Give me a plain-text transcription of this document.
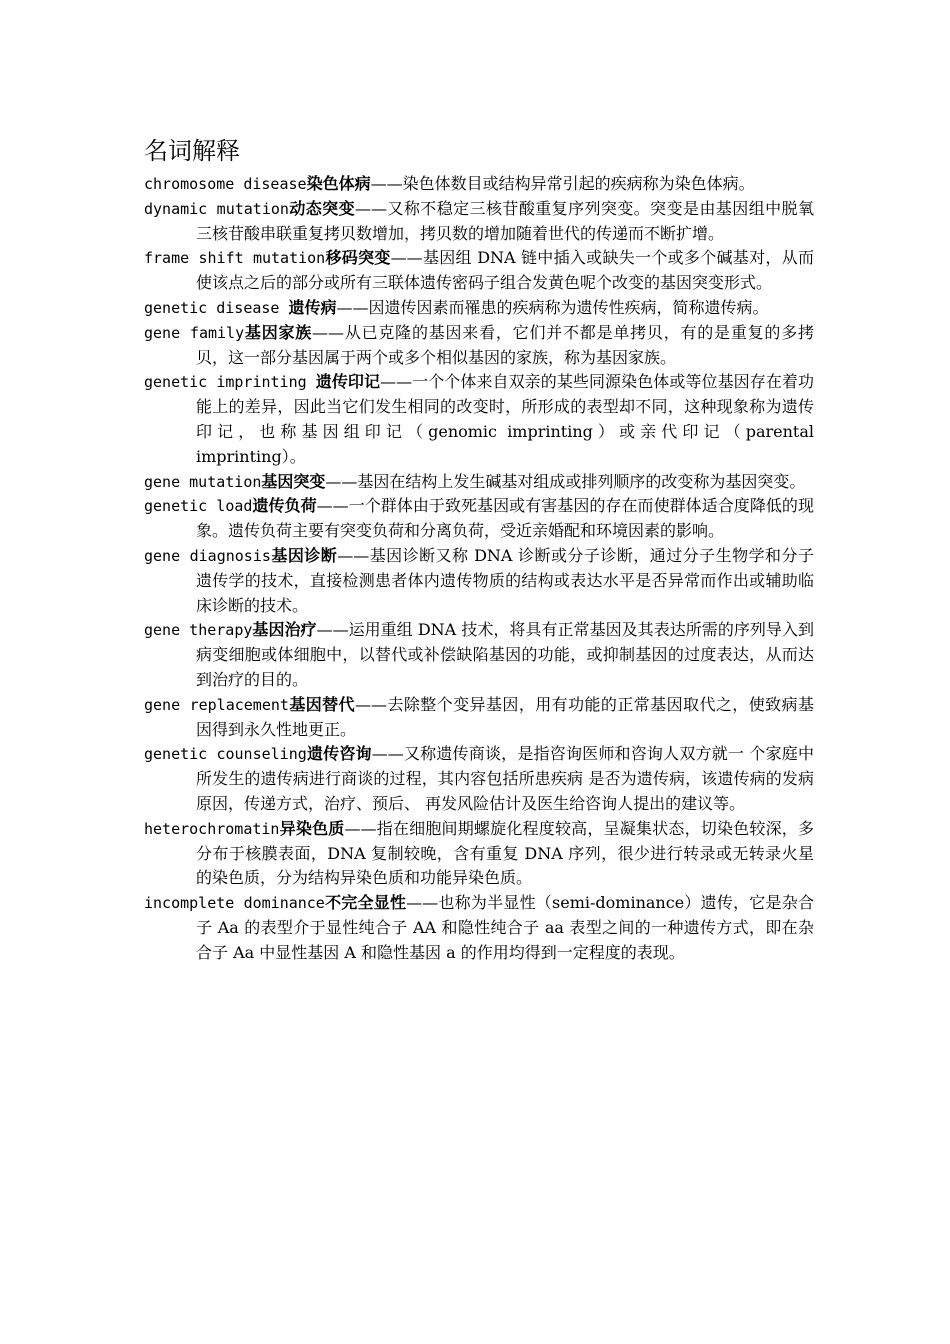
名词解释

chromosome disease染色体病——染色体数目或结构异常引起的疾病称为染色体病。

dynamic mutation动态突变——又称不稳定三核苷酸重复序列突变。突变是由基因组中脱氧三核苷酸串联重复拷贝数增加，拷贝数的增加随着世代的传递而不断扩增。

frame shift mutation移码突变——基因组 DNA 链中插入或缺失一个或多个碱基对，从而使该点之后的部分或所有三联体遗传密码子组合发黄色呢个改变的基因突变形式。

genetic disease 遗传病——因遗传因素而罹患的疾病称为遗传性疾病，简称遗传病。

gene family基因家族——从已克隆的基因来看，它们并不都是单拷贝，有的是重复的多拷贝，这一部分基因属于两个或多个相似基因的家族，称为基因家族。

genetic imprinting 遗传印记——一个个体来自双亲的某些同源染色体或等位基因存在着功能上的差异，因此当它们发生相同的改变时，所形成的表型却不同，这种现象称为遗传印记，也称基因组印记（genomic imprinting）或亲代印记（parental imprinting）。

gene mutation基因突变——基因在结构上发生碱基对组成或排列顺序的改变称为基因突变。

genetic load遗传负荷——一个群体由于致死基因或有害基因的存在而使群体适合度降低的现象。遗传负荷主要有突变负荷和分离负荷，受近亲婚配和环境因素的影响。

gene diagnosis基因诊断——基因诊断又称 DNA 诊断或分子诊断，通过分子生物学和分子遗传学的技术，直接检测患者体内遗传物质的结构或表达水平是否异常而作出或辅助临床诊断的技术。

gene therapy基因治疗——运用重组 DNA 技术，将具有正常基因及其表达所需的序列导入到病变细胞或体细胞中，以替代或补偿缺陷基因的功能，或抑制基因的过度表达，从而达到治疗的目的。

gene replacement基因替代——去除整个变异基因，用有功能的正常基因取代之，使致病基因得到永久性地更正。

genetic counseling遗传咨询——又称遗传商谈，是指咨询医师和咨询人双方就一 个家庭中所发生的遗传病进行商谈的过程，其内容包括所患疾病 是否为遗传病，该遗传病的发病原因，传递方式，治疗、预后、 再发风险估计及医生给咨询人提出的建议等。

heterochromatin异染色质——指在细胞间期螺旋化程度较高，呈凝集状态，切染色较深，多分布于核膜表面，DNA 复制较晚，含有重复 DNA 序列，很少进行转录或无转录火星的染色质，分为结构异染色质和功能异染色质。

incomplete dominance不完全显性——也称为半显性（semi-dominance）遗传，它是杂合子 Aa 的表型介于显性纯合子 AA 和隐性纯合子 aa 表型之间的一种遗传方式，即在杂合子 Aa 中显性基因 A 和隐性基因 a 的作用均得到一定程度的表现。
